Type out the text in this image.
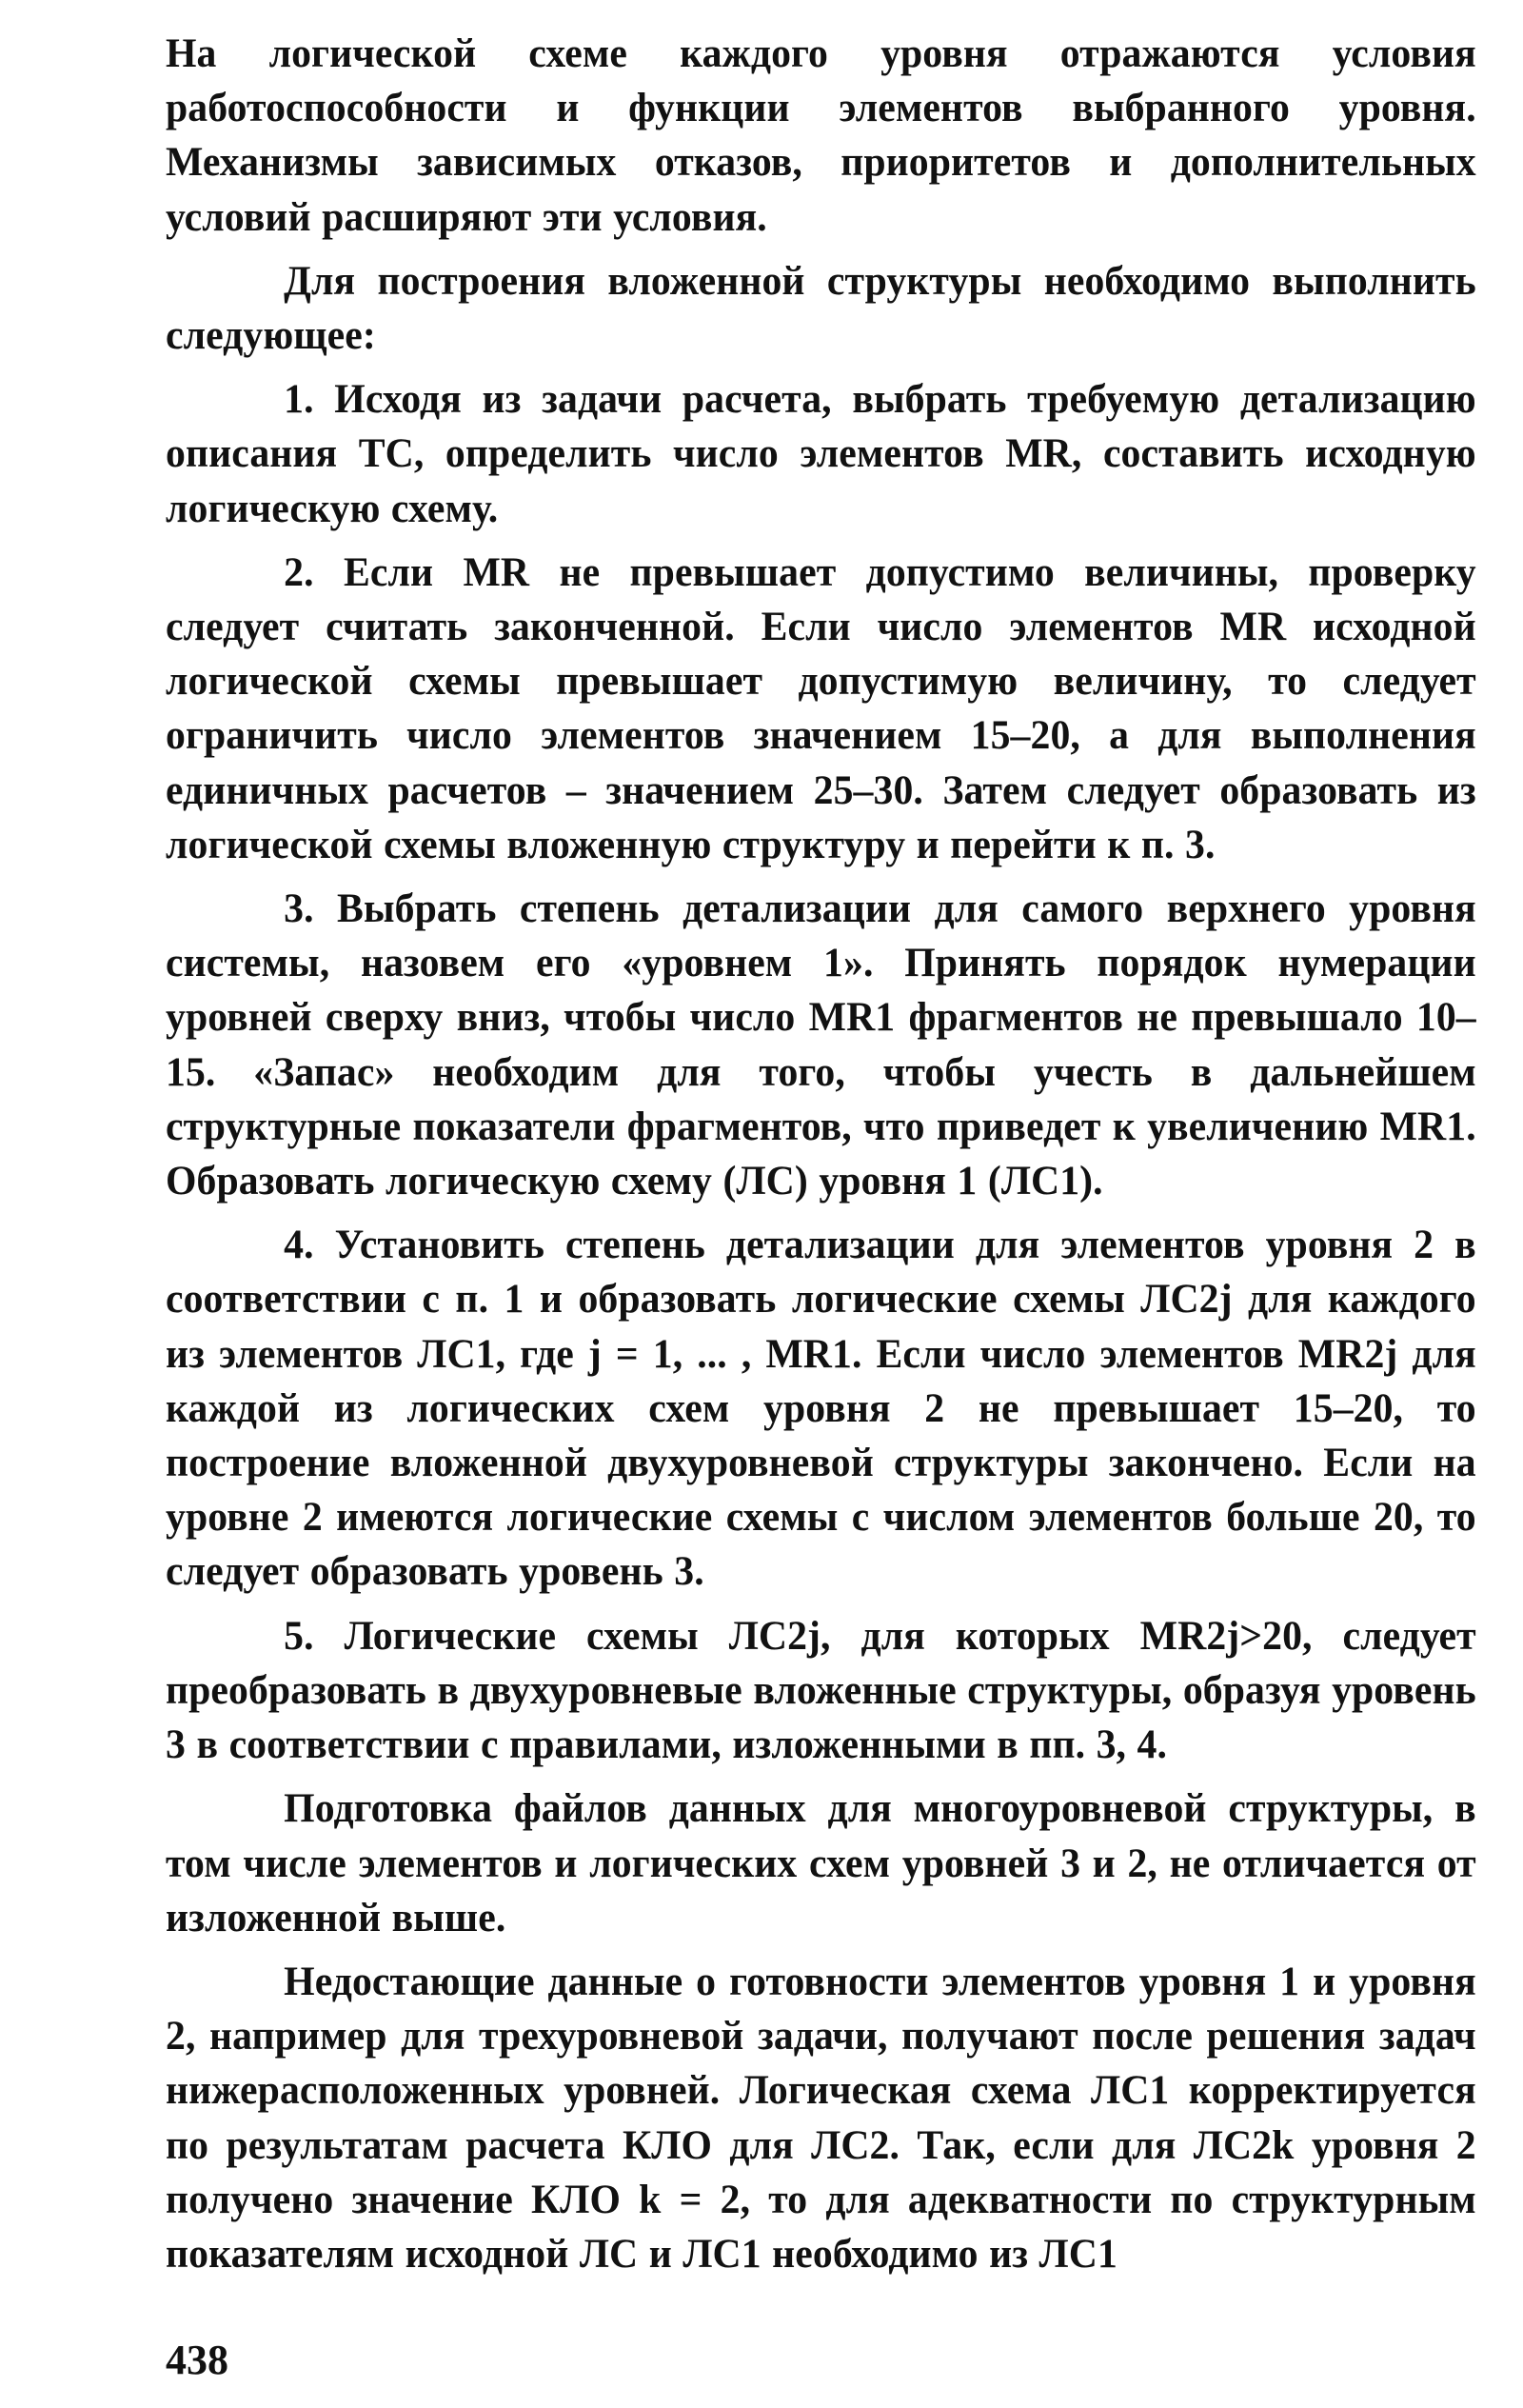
На логической схеме каждого уровня отражаются условия работоспособности и функции элементов выбранного уровня. Механизмы зависимых отказов, приоритетов и дополнительных условий расширяют эти условия.

Для построения вложенной структуры необходимо выполнить следующее:

1. Исходя из задачи расчета, выбрать требуемую детализацию описания ТС, определить число элементов MR, составить исходную логическую схему.

2. Если MR не превышает допустимо величины, проверку следует считать законченной. Если число элементов MR исходной логической схемы превышает допустимую величину, то следует ограничить число элементов значением 15–20, а для выполнения единичных расчетов – значением 25–30. Затем следует образовать из логической схемы вложенную структуру и перейти к п. 3.

3. Выбрать степень детализации для самого верхнего уровня системы, назовем его «уровнем 1». Принять порядок нумерации уровней сверху вниз, чтобы число MR1 фрагментов не превышало 10–15. «Запас» необходим для того, чтобы учесть в дальнейшем структурные показатели фрагментов, что приведет к увеличению MR1. Образовать логическую схему (ЛС) уровня 1 (ЛС1).

4. Установить степень детализации для элементов уровня 2 в соответствии с п. 1 и образовать логические схемы ЛС2j для каждого из элементов ЛС1, где j = 1, ... , MR1. Если число элементов MR2j для каждой из логических схем уровня 2 не превышает 15–20, то построение вложенной двухуровневой структуры закончено. Если на уровне 2 имеются логические схемы с числом элементов больше 20, то следует образовать уровень 3.

5. Логические схемы ЛС2j, для которых MR2j>20, следует преобразовать в двухуровневые вложенные структуры, образуя уровень 3 в соответствии с правилами, изложенными в пп. 3, 4.

Подготовка файлов данных для многоуровневой структуры, в том числе элементов и логических схем уровней 3 и 2, не отличается от изложенной выше.

Недостающие данные о готовности элементов уровня 1 и уровня 2, например для трехуровневой задачи, получают после решения задач нижерасположенных уровней. Логическая схема ЛС1 корректируется по результатам расчета КЛО для ЛС2. Так, если для ЛС2k уровня 2 получено значение КЛО k = 2, то для адекватности по структурным показателям исходной ЛС и ЛС1 необходимо из ЛС1

438
